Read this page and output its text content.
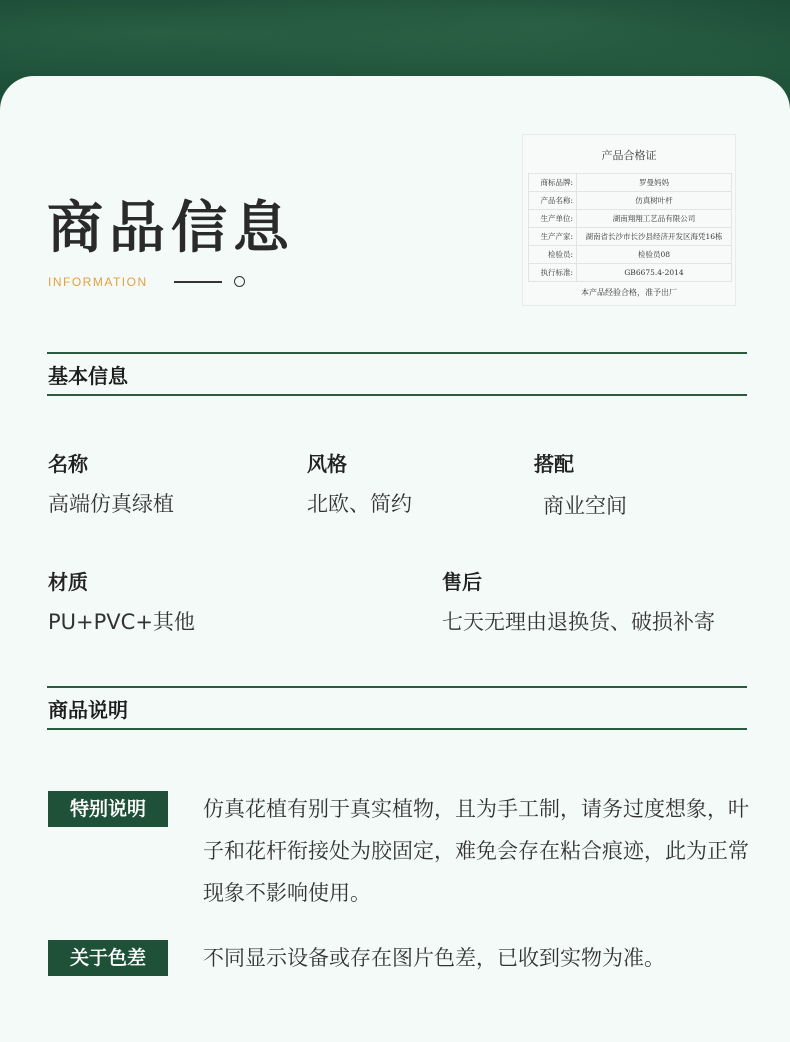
商品信息
INFORMATION
产品合格证
商标品牌:	罗曼妈妈
产品名称:	仿真树叶杆
生产单位:	湖南翔翔工艺品有限公司
生产产家:	湖南省长沙市长沙县经济开发区海凭16栋
检验员:	检验员08
执行标准:	GB6675.4-2014
本产品经验合格，准予出厂
基本信息
名称
高端仿真绿植
风格
北欧、简约
搭配
商业空间
材质
PU+PVC+其他
售后
七天无理由退换货、破损补寄
商品说明
特别说明	仿真花植有别于真实植物，且为手工制，请务过度想象，叶子和花杆衔接处为胶固定，难免会存在粘合痕迹，此为正常现象不影响使用。
关于色差	不同显示设备或存在图片色差，已收到实物为准。
